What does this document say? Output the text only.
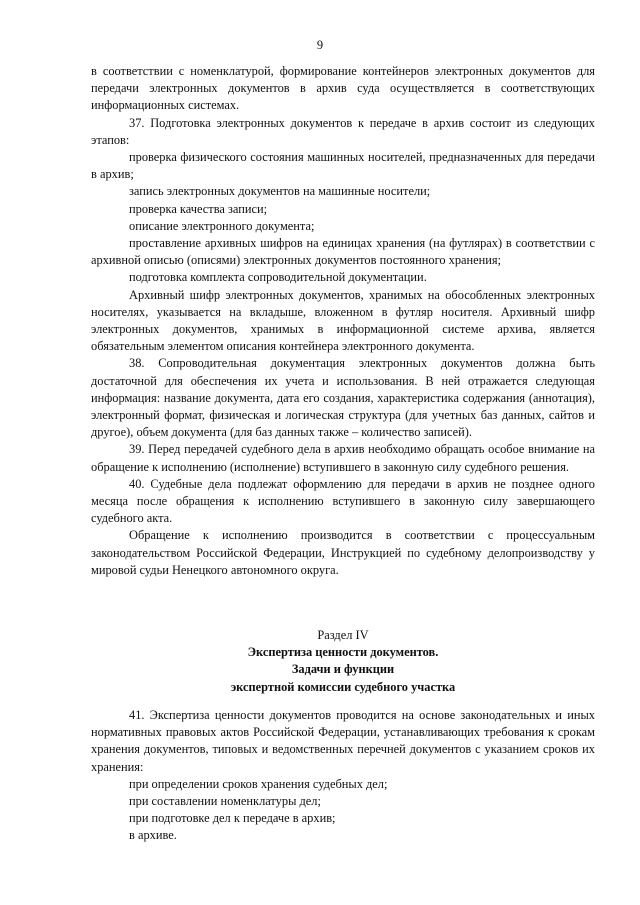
9

в соответствии с номенклатурой, формирование контейнеров электронных документов для передачи электронных документов в архив суда осуществляется в соответствующих информационных системах.

37. Подготовка электронных документов к передаче в архив состоит из следующих этапов:

проверка физического состояния машинных носителей, предназначенных для передачи в архив;

запись электронных документов на машинные носители;

проверка качества записи;

описание электронного документа;

проставление архивных шифров на единицах хранения (на футлярах) в соответствии с архивной описью (описями) электронных документов постоянного хранения;

подготовка комплекта сопроводительной документации.

Архивный шифр электронных документов, хранимых на обособленных электронных носителях, указывается на вкладыше, вложенном в футляр носителя. Архивный шифр электронных документов, хранимых в информационной системе архива, является обязательным элементом описания контейнера электронного документа.

38. Сопроводительная документация электронных документов должна быть достаточной для обеспечения их учета и использования. В ней отражается следующая информация: название документа, дата его создания, характеристика содержания (аннотация), электронный формат, физическая и логическая структура (для учетных баз данных, сайтов и другое), объем документа (для баз данных также – количество записей).

39. Перед передачей судебного дела в архив необходимо обращать особое внимание на обращение к исполнению (исполнение) вступившего в законную силу судебного решения.

40. Судебные дела подлежат оформлению для передачи в архив не позднее одного месяца после обращения к исполнению вступившего в законную силу завершающего судебного акта.

Обращение к исполнению производится в соответствии с процессуальным законодательством Российской Федерации, Инструкцией по судебному делопроизводству у мировой судьи Ненецкого автономного округа.

Раздел IV
Экспертиза ценности документов.
Задачи и функции
экспертной комиссии судебного участка

41. Экспертиза ценности документов проводится на основе законодательных и иных нормативных правовых актов Российской Федерации, устанавливающих требования к срокам хранения документов, типовых и ведомственных перечней документов с указанием сроков их хранения:

при определении сроков хранения судебных дел;

при составлении номенклатуры дел;

при подготовке дел к передаче в архив;

в архиве.
